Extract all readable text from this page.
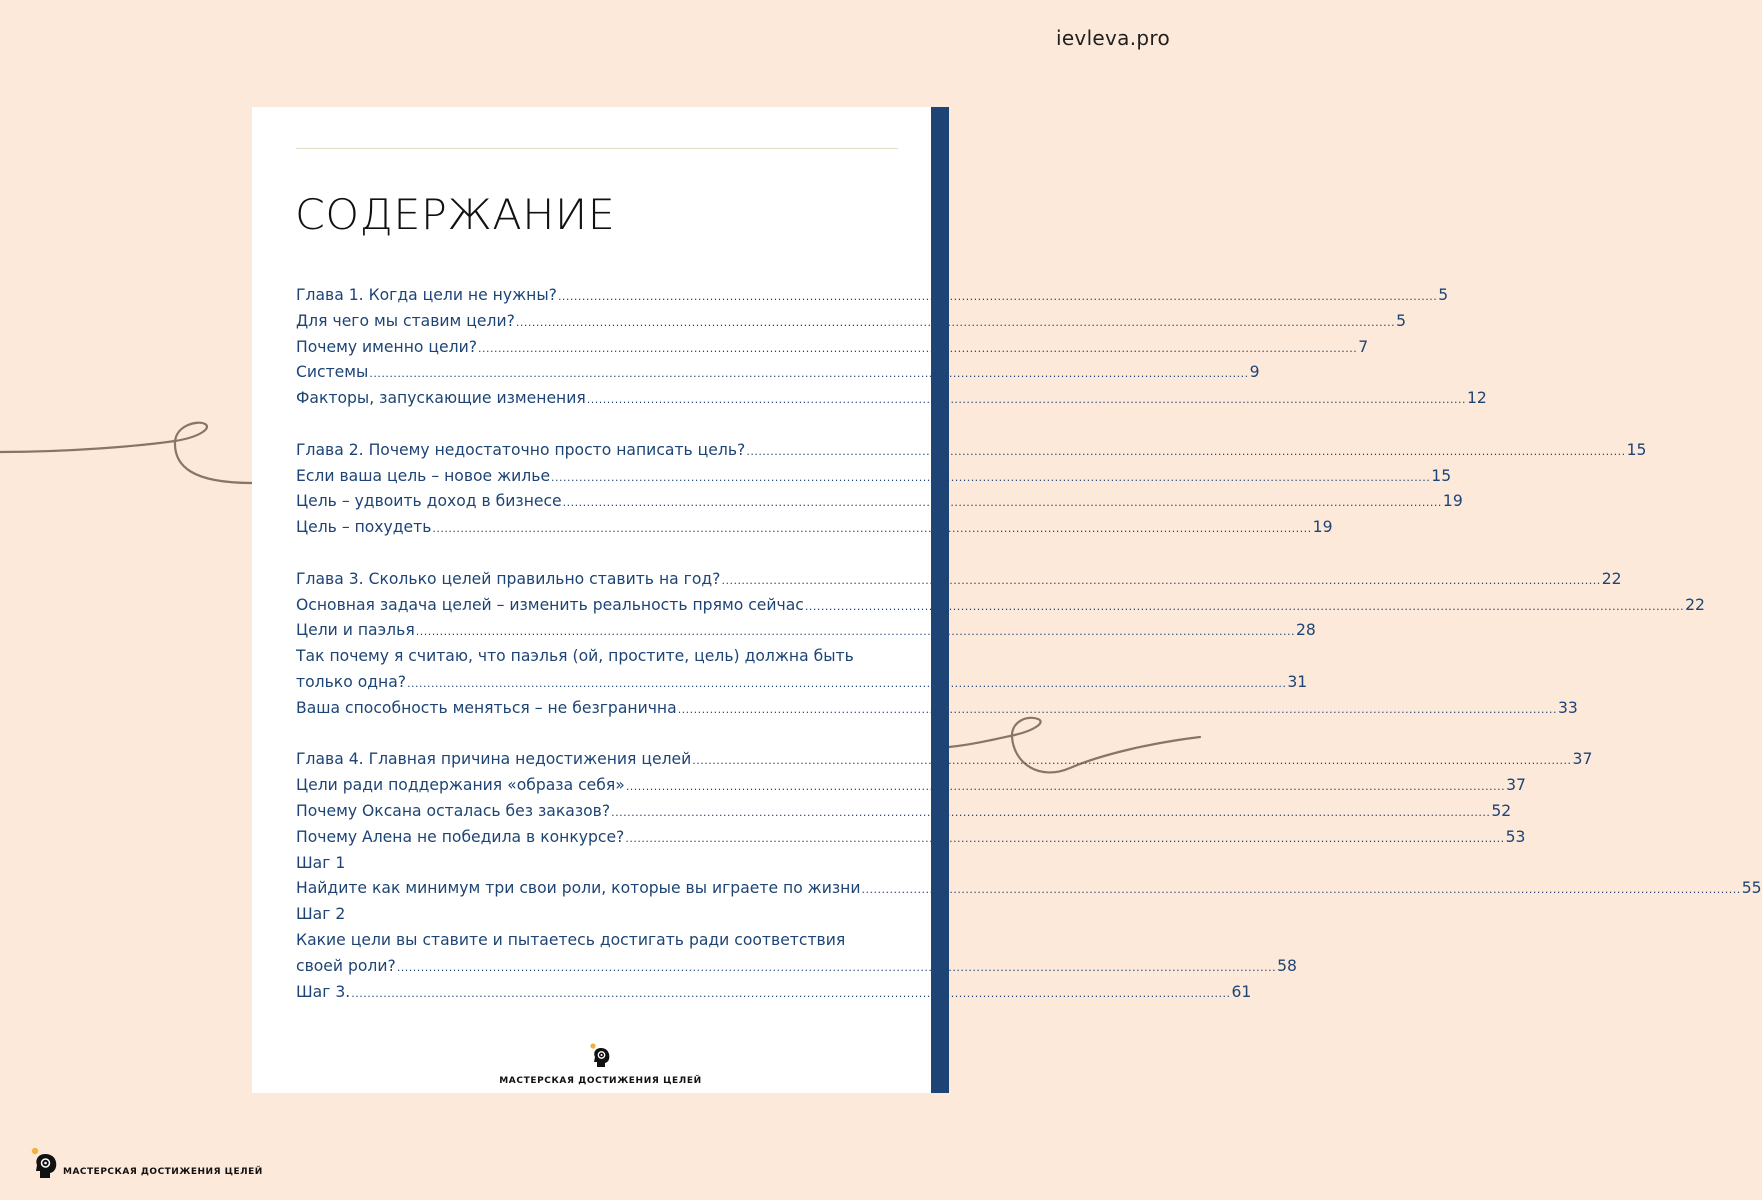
ievleva.pro
СОДЕРЖАНИЕ
Глава 1. Когда цели не нужны? ............................................................................................................................................................................................................................ 5
Для чего мы ставим цели? ............................................................................................................................................................................................................................ 5
Почему именно цели? ............................................................................................................................................................................................................................ 7
Системы ............................................................................................................................................................................................................................ 9
Факторы, запускающие изменения ............................................................................................................................................................................................................................ 12
Глава 2. Почему недостаточно просто написать цель? ............................................................................................................................................................................................................................ 15
Если ваша цель – новое жилье ............................................................................................................................................................................................................................ 15
Цель – удвоить доход в бизнесе ............................................................................................................................................................................................................................ 19
Цель – похудеть ............................................................................................................................................................................................................................ 19
Глава 3. Сколько целей правильно ставить на год? ............................................................................................................................................................................................................................ 22
Основная задача целей – изменить реальность прямо сейчас ............................................................................................................................................................................................................................ 22
Цели и паэлья ............................................................................................................................................................................................................................ 28
Так почему я считаю, что паэлья (ой, простите, цель) должна быть
только одна? ............................................................................................................................................................................................................................ 31
Ваша способность меняться – не безгранична ............................................................................................................................................................................................................................ 33
Глава 4. Главная причина недостижения целей ............................................................................................................................................................................................................................ 37
Цели ради поддержания «образа себя» ............................................................................................................................................................................................................................ 37
Почему Оксана осталась без заказов? ............................................................................................................................................................................................................................ 52
Почему Алена не победила в конкурсе? ............................................................................................................................................................................................................................ 53
Шаг 1
Найдите как минимум три свои роли, которые вы играете по жизни ............................................................................................................................................................................................................................ 55
Шаг 2
Какие цели вы ставите и пытаетесь достигать ради соответствия
своей роли? ............................................................................................................................................................................................................................ 58
Шаг 3. ............................................................................................................................................................................................................................ 61
МАСТЕРСКАЯ ДОСТИЖЕНИЯ ЦЕЛЕЙ
МАСТЕРСКАЯ ДОСТИЖЕНИЯ ЦЕЛЕЙ
